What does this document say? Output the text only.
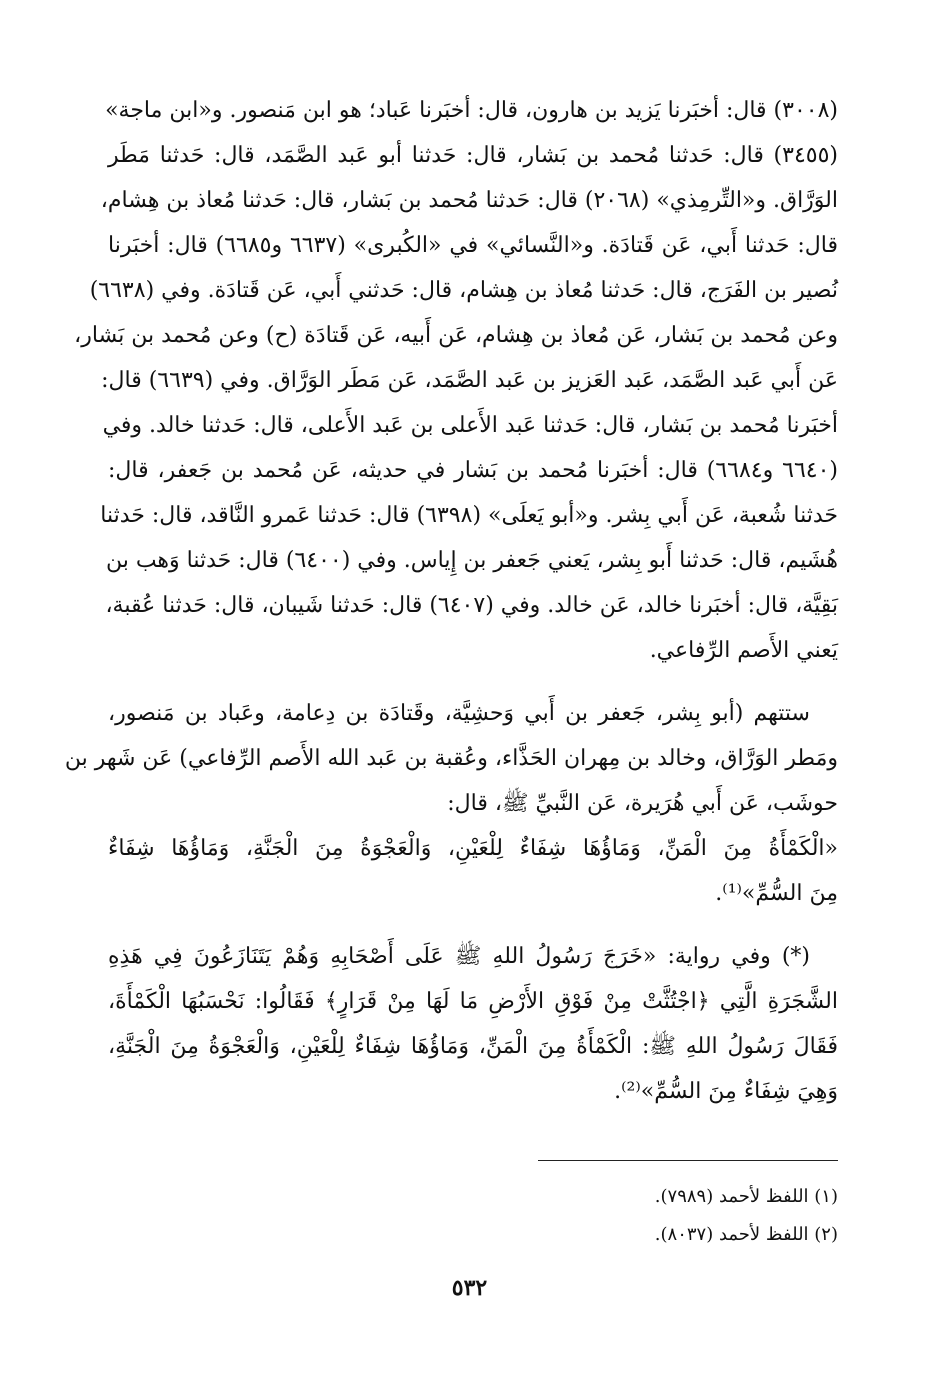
(٣٠٠٨) قال: أخبَرنا يَزيد بن هارون، قال: أخبَرنا عَباد؛ هو ابن مَنصور. و«ابن ماجة»
(٣٤٥٥) قال: حَدثنا مُحمد بن بَشار، قال: حَدثنا أبو عَبد الصَّمَد، قال: حَدثنا مَطَر
الوَرَّاق. و«التِّرمِذي» (٢٠٦٨) قال: حَدثنا مُحمد بن بَشار، قال: حَدثنا مُعاذ بن هِشام،
قال: حَدثنا أَبي، عَن قَتادَة. و«النَّسائي» في «الكُبرى» (٦٦٣٧ و٦٦٨٥) قال: أخبَرنا
نُصير بن الفَرَج، قال: حَدثنا مُعاذ بن هِشام، قال: حَدثني أَبي، عَن قَتادَة. وفي (٦٦٣٨)
وعن مُحمد بن بَشار، عَن مُعاذ بن هِشام، عَن أَبيه، عَن قَتادَة (ح) وعن مُحمد بن بَشار،
عَن أَبي عَبد الصَّمَد، عَبد العَزيز بن عَبد الصَّمَد، عَن مَطَر الوَرَّاق. وفي (٦٦٣٩) قال:
أخبَرنا مُحمد بن بَشار، قال: حَدثنا عَبد الأَعلى بن عَبد الأَعلى، قال: حَدثنا خالد. وفي
(٦٦٤٠ و٦٦٨٤) قال: أخبَرنا مُحمد بن بَشار في حديثه، عَن مُحمد بن جَعفر، قال:
حَدثنا شُعبة، عَن أَبي بِشر. و«أبو يَعلَى» (٦٣٩٨) قال: حَدثنا عَمرو النَّاقد، قال: حَدثنا
هُشَيم، قال: حَدثنا أَبو بِشر، يَعني جَعفر بن إِياس. وفي (٦٤٠٠) قال: حَدثنا وَهب بن
بَقِيَّة، قال: أخبَرنا خالد، عَن خالد. وفي (٦٤٠٧) قال: حَدثنا شَيبان، قال: حَدثنا عُقبة،
يَعني الأَصم الرِّفاعي.
ستتهم (أبو بِشر، جَعفر بن أَبي وَحشِيَّة، وقَتادَة بن دِعامة، وعَباد بن مَنصور،
ومَطر الوَرَّاق، وخالد بن مِهران الحَذَّاء، وعُقبة بن عَبد الله الأَصم الرِّفاعي) عَن شَهر بن
حوشَب، عَن أَبي هُرَيرة، عَن النَّبيِّ ﷺ، قال:
«الْكَمْأَةُ مِنَ الْمَنِّ، وَمَاؤُهَا شِفَاءٌ لِلْعَيْنِ، وَالْعَجْوَةُ مِنَ الْجَنَّةِ، وَمَاؤُهَا شِفَاءٌ
مِنَ السُّمِّ»⁽¹⁾.
(*) وفي رواية: «خَرَجَ رَسُولُ اللهِ ﷺ عَلَى أَصْحَابِهِ وَهُمْ يَتَنَازَعُونَ فِي هَذِهِ
الشَّجَرَةِ الَّتِي ﴿اجْتُثَّتْ مِنْ فَوْقِ الأَرْضِ مَا لَهَا مِنْ قَرَارٍ﴾ فَقَالُوا: نَحْسَبُهَا الْكَمْأَةَ،
فَقَالَ رَسُولُ اللهِ ﷺ: الْكَمْأَةُ مِنَ الْمَنِّ، وَمَاؤُهَا شِفَاءٌ لِلْعَيْنِ، وَالْعَجْوَةُ مِنَ الْجَنَّةِ،
وَهِيَ شِفَاءٌ مِنَ السُّمِّ»⁽²⁾.
(١) اللفظ لأحمد (٧٩٨٩).
(٢) اللفظ لأحمد (٨٠٣٧).
٥٣٢
